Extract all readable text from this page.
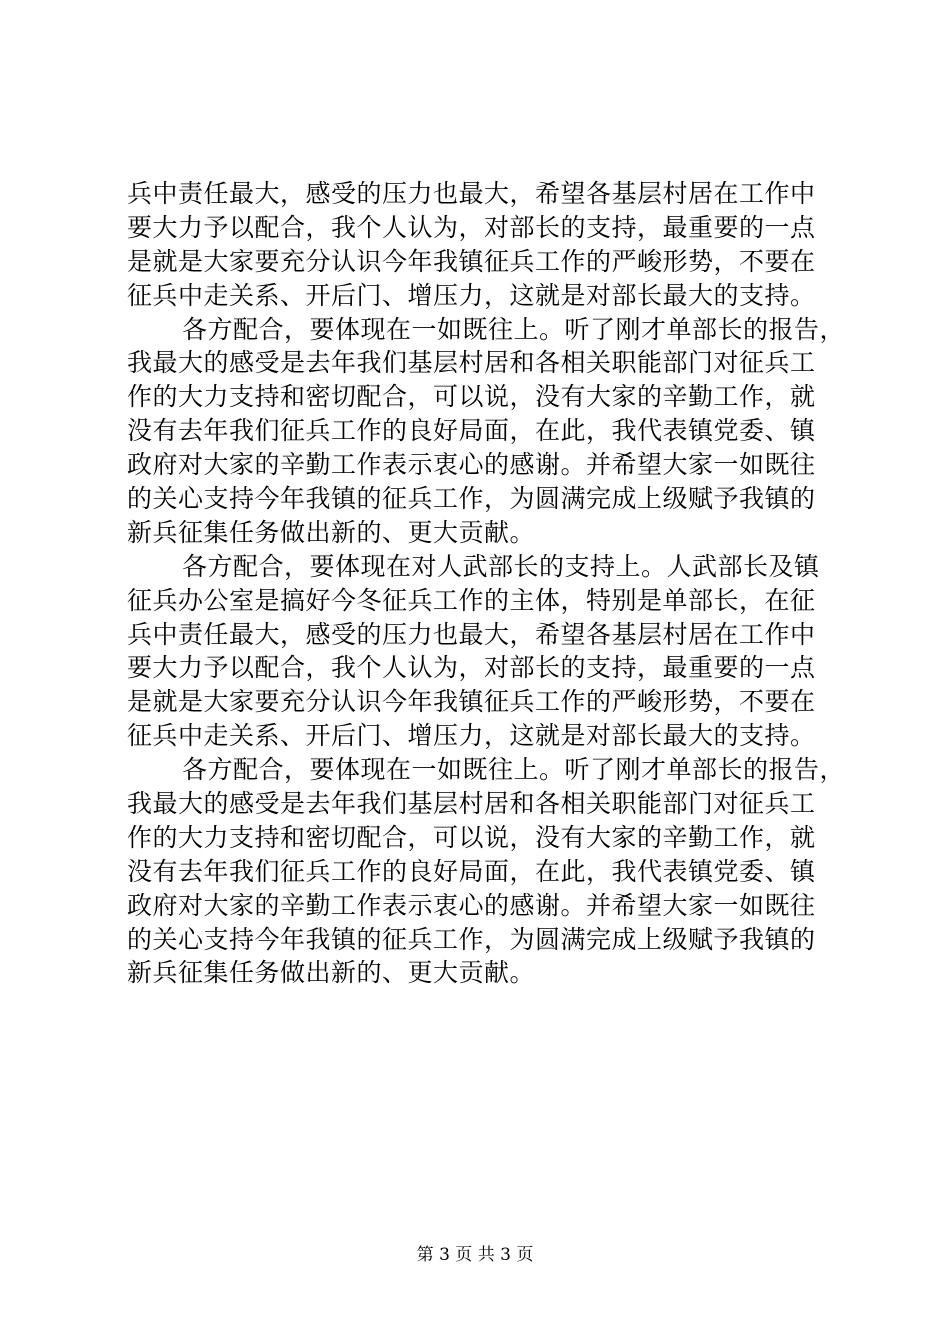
兵中责任最大，感受的压力也最大，希望各基层村居在工作中
要大力予以配合，我个人认为，对部长的支持，最重要的一点
是就是大家要充分认识今年我镇征兵工作的严峻形势，不要在
征兵中走关系、开后门、增压力，这就是对部长最大的支持。
各方配合，要体现在一如既往上。听了刚才单部长的报告，
我最大的感受是去年我们基层村居和各相关职能部门对征兵工
作的大力支持和密切配合，可以说，没有大家的辛勤工作，就
没有去年我们征兵工作的良好局面，在此，我代表镇党委、镇
政府对大家的辛勤工作表示衷心的感谢。并希望大家一如既往
的关心支持今年我镇的征兵工作，为圆满完成上级赋予我镇的
新兵征集任务做出新的、更大贡献。
各方配合，要体现在对人武部长的支持上。人武部长及镇
征兵办公室是搞好今冬征兵工作的主体，特别是单部长，在征
兵中责任最大，感受的压力也最大，希望各基层村居在工作中
要大力予以配合，我个人认为，对部长的支持，最重要的一点
是就是大家要充分认识今年我镇征兵工作的严峻形势，不要在
征兵中走关系、开后门、增压力，这就是对部长最大的支持。
各方配合，要体现在一如既往上。听了刚才单部长的报告，
我最大的感受是去年我们基层村居和各相关职能部门对征兵工
作的大力支持和密切配合，可以说，没有大家的辛勤工作，就
没有去年我们征兵工作的良好局面，在此，我代表镇党委、镇
政府对大家的辛勤工作表示衷心的感谢。并希望大家一如既往
的关心支持今年我镇的征兵工作，为圆满完成上级赋予我镇的
新兵征集任务做出新的、更大贡献。
第 3 页 共 3 页
